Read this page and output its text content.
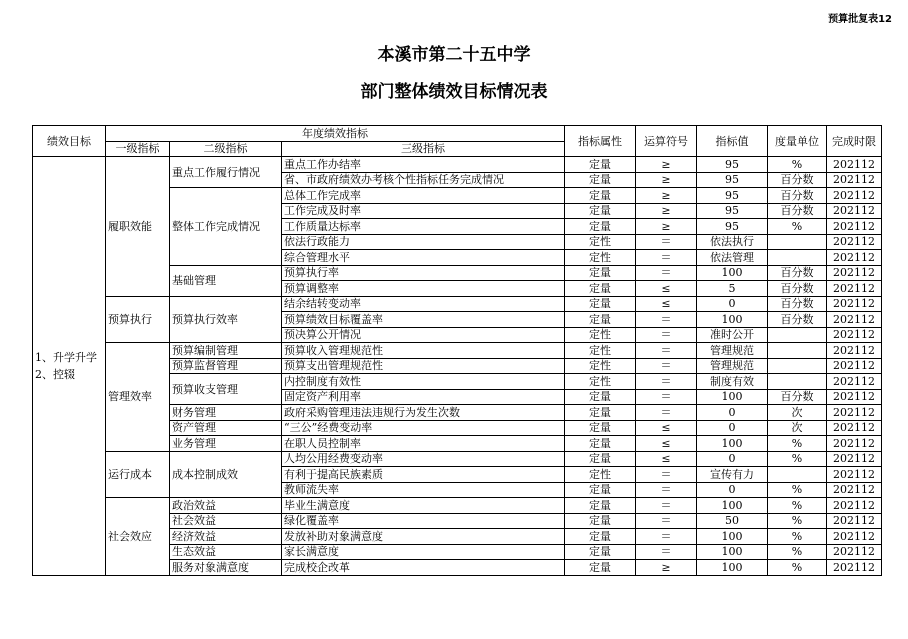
预算批复表12
本溪市第二十五中学
部门整体绩效目标情况表
绩效目标	年度绩效指标			指标属性	运算符号	指标值	度量单位	完成时限
	一级指标	二级指标	三级指标					
1、升学升学 2、控辍	履职效能	重点工作履行情况	重点工作办结率	定量	≥	95	%	202112
			省、市政府绩效办考核个性指标任务完成情况	定量	≥	95	百分数	202112
		整体工作完成情况	总体工作完成率	定量	≥	95	百分数	202112
			工作完成及时率	定量	≥	95	百分数	202112
			工作质量达标率	定量	≥	95	%	202112
			依法行政能力	定性	＝	依法执行		202112
			综合管理水平	定性	＝	依法管理		202112
		基础管理	预算执行率	定量	＝	100	百分数	202112
			预算调整率	定量	≤	5	百分数	202112
	预算执行	预算执行效率	结余结转变动率	定量	≤	0	百分数	202112
			预算绩效目标覆盖率	定量	＝	100	百分数	202112
			预决算公开情况	定性	＝	准时公开		202112
	管理效率	预算编制管理	预算收入管理规范性	定性	＝	管理规范		202112
		预算监督管理	预算支出管理规范性	定性	＝	管理规范		202112
		预算收支管理	内控制度有效性	定性	＝	制度有效		202112
			固定资产利用率	定量	＝	100	百分数	202112
		财务管理	政府采购管理违法违规行为发生次数	定量	＝	0	次	202112
		资产管理	“三公”经费变动率	定量	≤	0	次	202112
		业务管理	在职人员控制率	定量	≤	100	%	202112
	运行成本	成本控制成效	人均公用经费变动率	定量	≤	0	%	202112
			有利于提高民族素质	定性	＝	宣传有力		202112
			教师流失率	定量	＝	0	%	202112
	社会效应	政治效益	毕业生满意度	定量	＝	100	%	202112
		社会效益	绿化覆盖率	定量	＝	50	%	202112
		经济效益	发放补助对象满意度	定量	＝	100	%	202112
		生态效益	家长满意度	定量	＝	100	%	202112
		服务对象满意度	完成校企改革	定量	≥	100	%	202112
